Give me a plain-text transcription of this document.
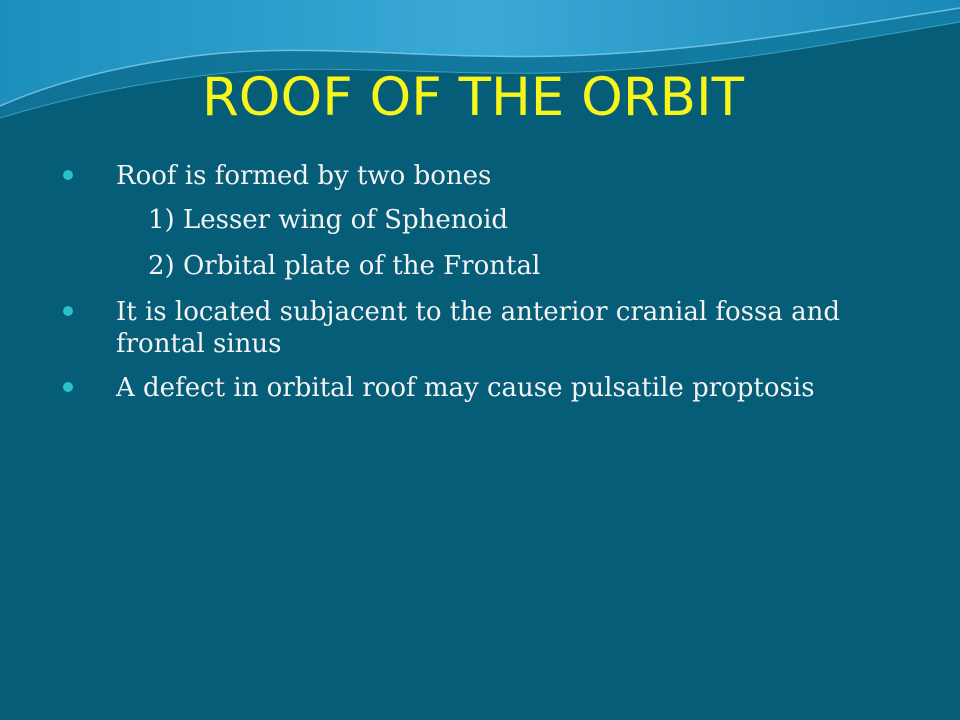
ROOF OF THE ORBIT
Roof is formed by two bones
1) Lesser wing of Sphenoid
2) Orbital plate of the Frontal
It is located subjacent to the anterior cranial fossa and frontal sinus
A defect in orbital roof may cause pulsatile proptosis
